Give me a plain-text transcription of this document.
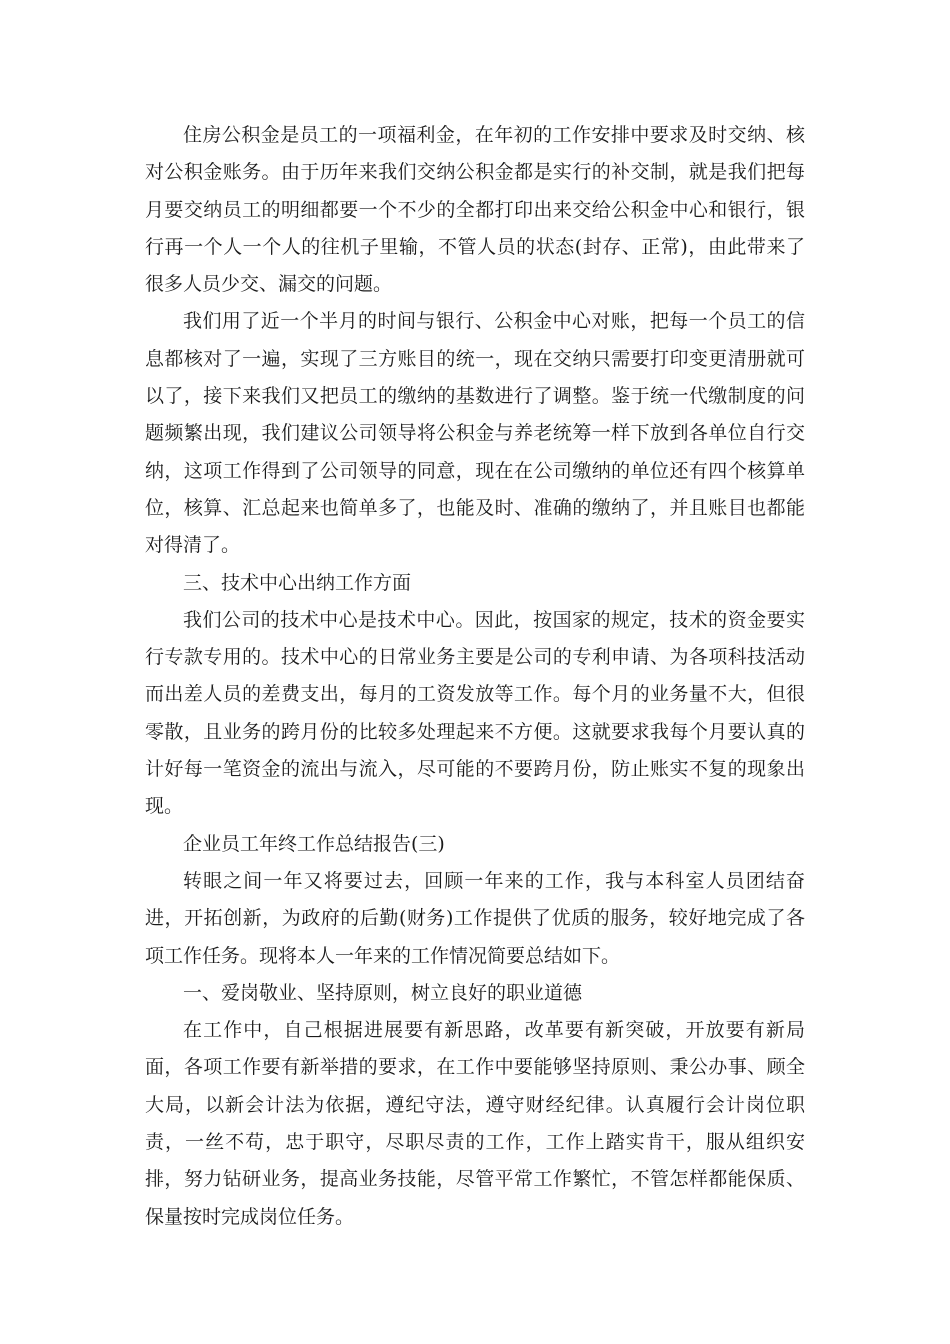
住房公积金是员工的一项福利金，在年初的工作安排中要求及时交纳、核对公积金账务。由于历年来我们交纳公积金都是实行的补交制，就是我们把每月要交纳员工的明细都要一个不少的全都打印出来交给公积金中心和银行，银行再一个人一个人的往机子里输，不管人员的状态(封存、正常)，由此带来了很多人员少交、漏交的问题。

我们用了近一个半月的时间与银行、公积金中心对账，把每一个员工的信息都核对了一遍，实现了三方账目的统一，现在交纳只需要打印变更清册就可以了，接下来我们又把员工的缴纳的基数进行了调整。鉴于统一代缴制度的问题频繁出现，我们建议公司领导将公积金与养老统筹一样下放到各单位自行交纳，这项工作得到了公司领导的同意，现在在公司缴纳的单位还有四个核算单位，核算、汇总起来也简单多了，也能及时、准确的缴纳了，并且账目也都能对得清了。

三、技术中心出纳工作方面

我们公司的技术中心是技术中心。因此，按国家的规定，技术的资金要实行专款专用的。技术中心的日常业务主要是公司的专利申请、为各项科技活动而出差人员的差费支出，每月的工资发放等工作。每个月的业务量不大，但很零散，且业务的跨月份的比较多处理起来不方便。这就要求我每个月要认真的计好每一笔资金的流出与流入，尽可能的不要跨月份，防止账实不复的现象出现。

企业员工年终工作总结报告(三)

转眼之间一年又将要过去，回顾一年来的工作，我与本科室人员团结奋进，开拓创新，为政府的后勤(财务)工作提供了优质的服务，较好地完成了各项工作任务。现将本人一年来的工作情况简要总结如下。

一、爱岗敬业、坚持原则，树立良好的职业道德

在工作中，自己根据进展要有新思路，改革要有新突破，开放要有新局面，各项工作要有新举措的要求，在工作中要能够坚持原则、秉公办事、顾全大局，以新会计法为依据，遵纪守法，遵守财经纪律。认真履行会计岗位职责，一丝不苟，忠于职守，尽职尽责的工作，工作上踏实肯干，服从组织安排，努力钻研业务，提高业务技能，尽管平常工作繁忙，不管怎样都能保质、保量按时完成岗位任务。
